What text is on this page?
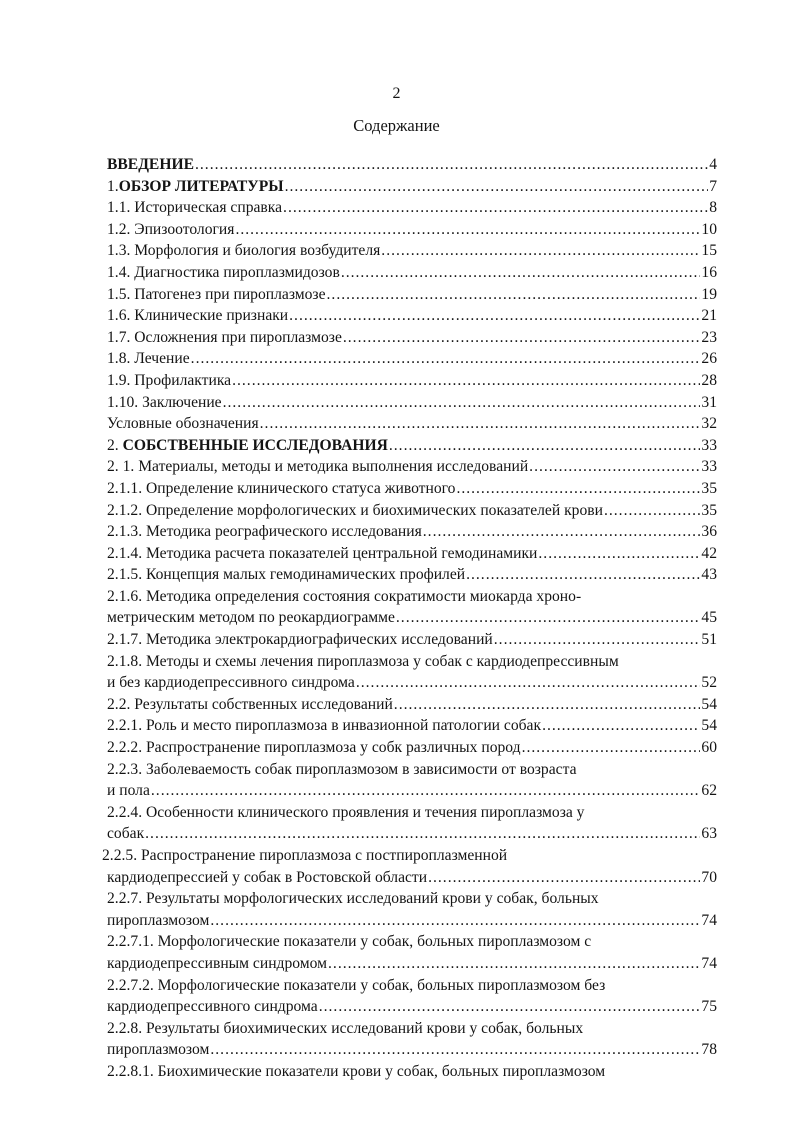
2
Содержание
ВВЕДЕНИЕ .....	4
1.ОБЗОР ЛИТЕРАТУРЫ .....	7
1.1. Историческая справка .....	8
1.2. Эпизоотология .....	10
1.3. Морфология и биология возбудителя .....	15
1.4. Диагностика пироплазмидозов .....	16
1.5. Патогенез при пироплазмозе .....	19
1.6. Клинические признаки .....	21
1.7. Осложнения при пироплазмозе .....	23
1.8. Лечение .....	26
1.9. Профилактика .....	28
1.10. Заключение .....	31
Условные обозначения .....	32
2. СОБСТВЕННЫЕ ИССЛЕДОВАНИЯ .....	33
2. 1. Материалы, методы и методика выполнения исследований .....	33
2.1.1. Определение клинического статуса животного .....	35
2.1.2. Определение морфологических и биохимических показателей крови .....	35
2.1.3. Методика реографического исследования .....	36
2.1.4. Методика расчета показателей центральной гемодинамики .....	42
2.1.5. Концепция малых гемодинамических профилей .....	43
2.1.6. Методика определения состояния сократимости миокарда хроно-
метрическим методом по реокардиограмме .....	45
2.1.7. Методика электрокардиографических исследований .....	51
2.1.8. Методы и схемы лечения пироплазмоза у собак с кардиодепрессивным
и без кардиодепрессивного синдрома .....	52
2.2. Результаты собственных исследований .....	54
2.2.1. Роль и место пироплазмоза в инвазионной патологии собак .....	54
2.2.2. Распространение пироплазмоза у собк различных пород .....	60
2.2.3. Заболеваемость собак пироплазмозом в зависимости от возраста
и пола .....	62
2.2.4. Особенности клинического проявления и течения пироплазмоза у
собак .....	63
2.2.5. Распространение пироплазмоза с постпироплазменной
кардиодепрессией у собак в Ростовской области .....	70
2.2.7. Результаты морфологических исследований крови у собак, больных
пироплазмозом .....	74
2.2.7.1. Морфологические показатели у собак, больных пироплазмозом с
кардиодепрессивным синдромом .....	74
2.2.7.2. Морфологические показатели у собак, больных пироплазмозом без
кардиодепрессивного синдрома .....	75
2.2.8. Результаты биохимических исследований крови у собак, больных
пироплазмозом .....	78
2.2.8.1. Биохимические показатели крови у собак, больных пироплазмозом
